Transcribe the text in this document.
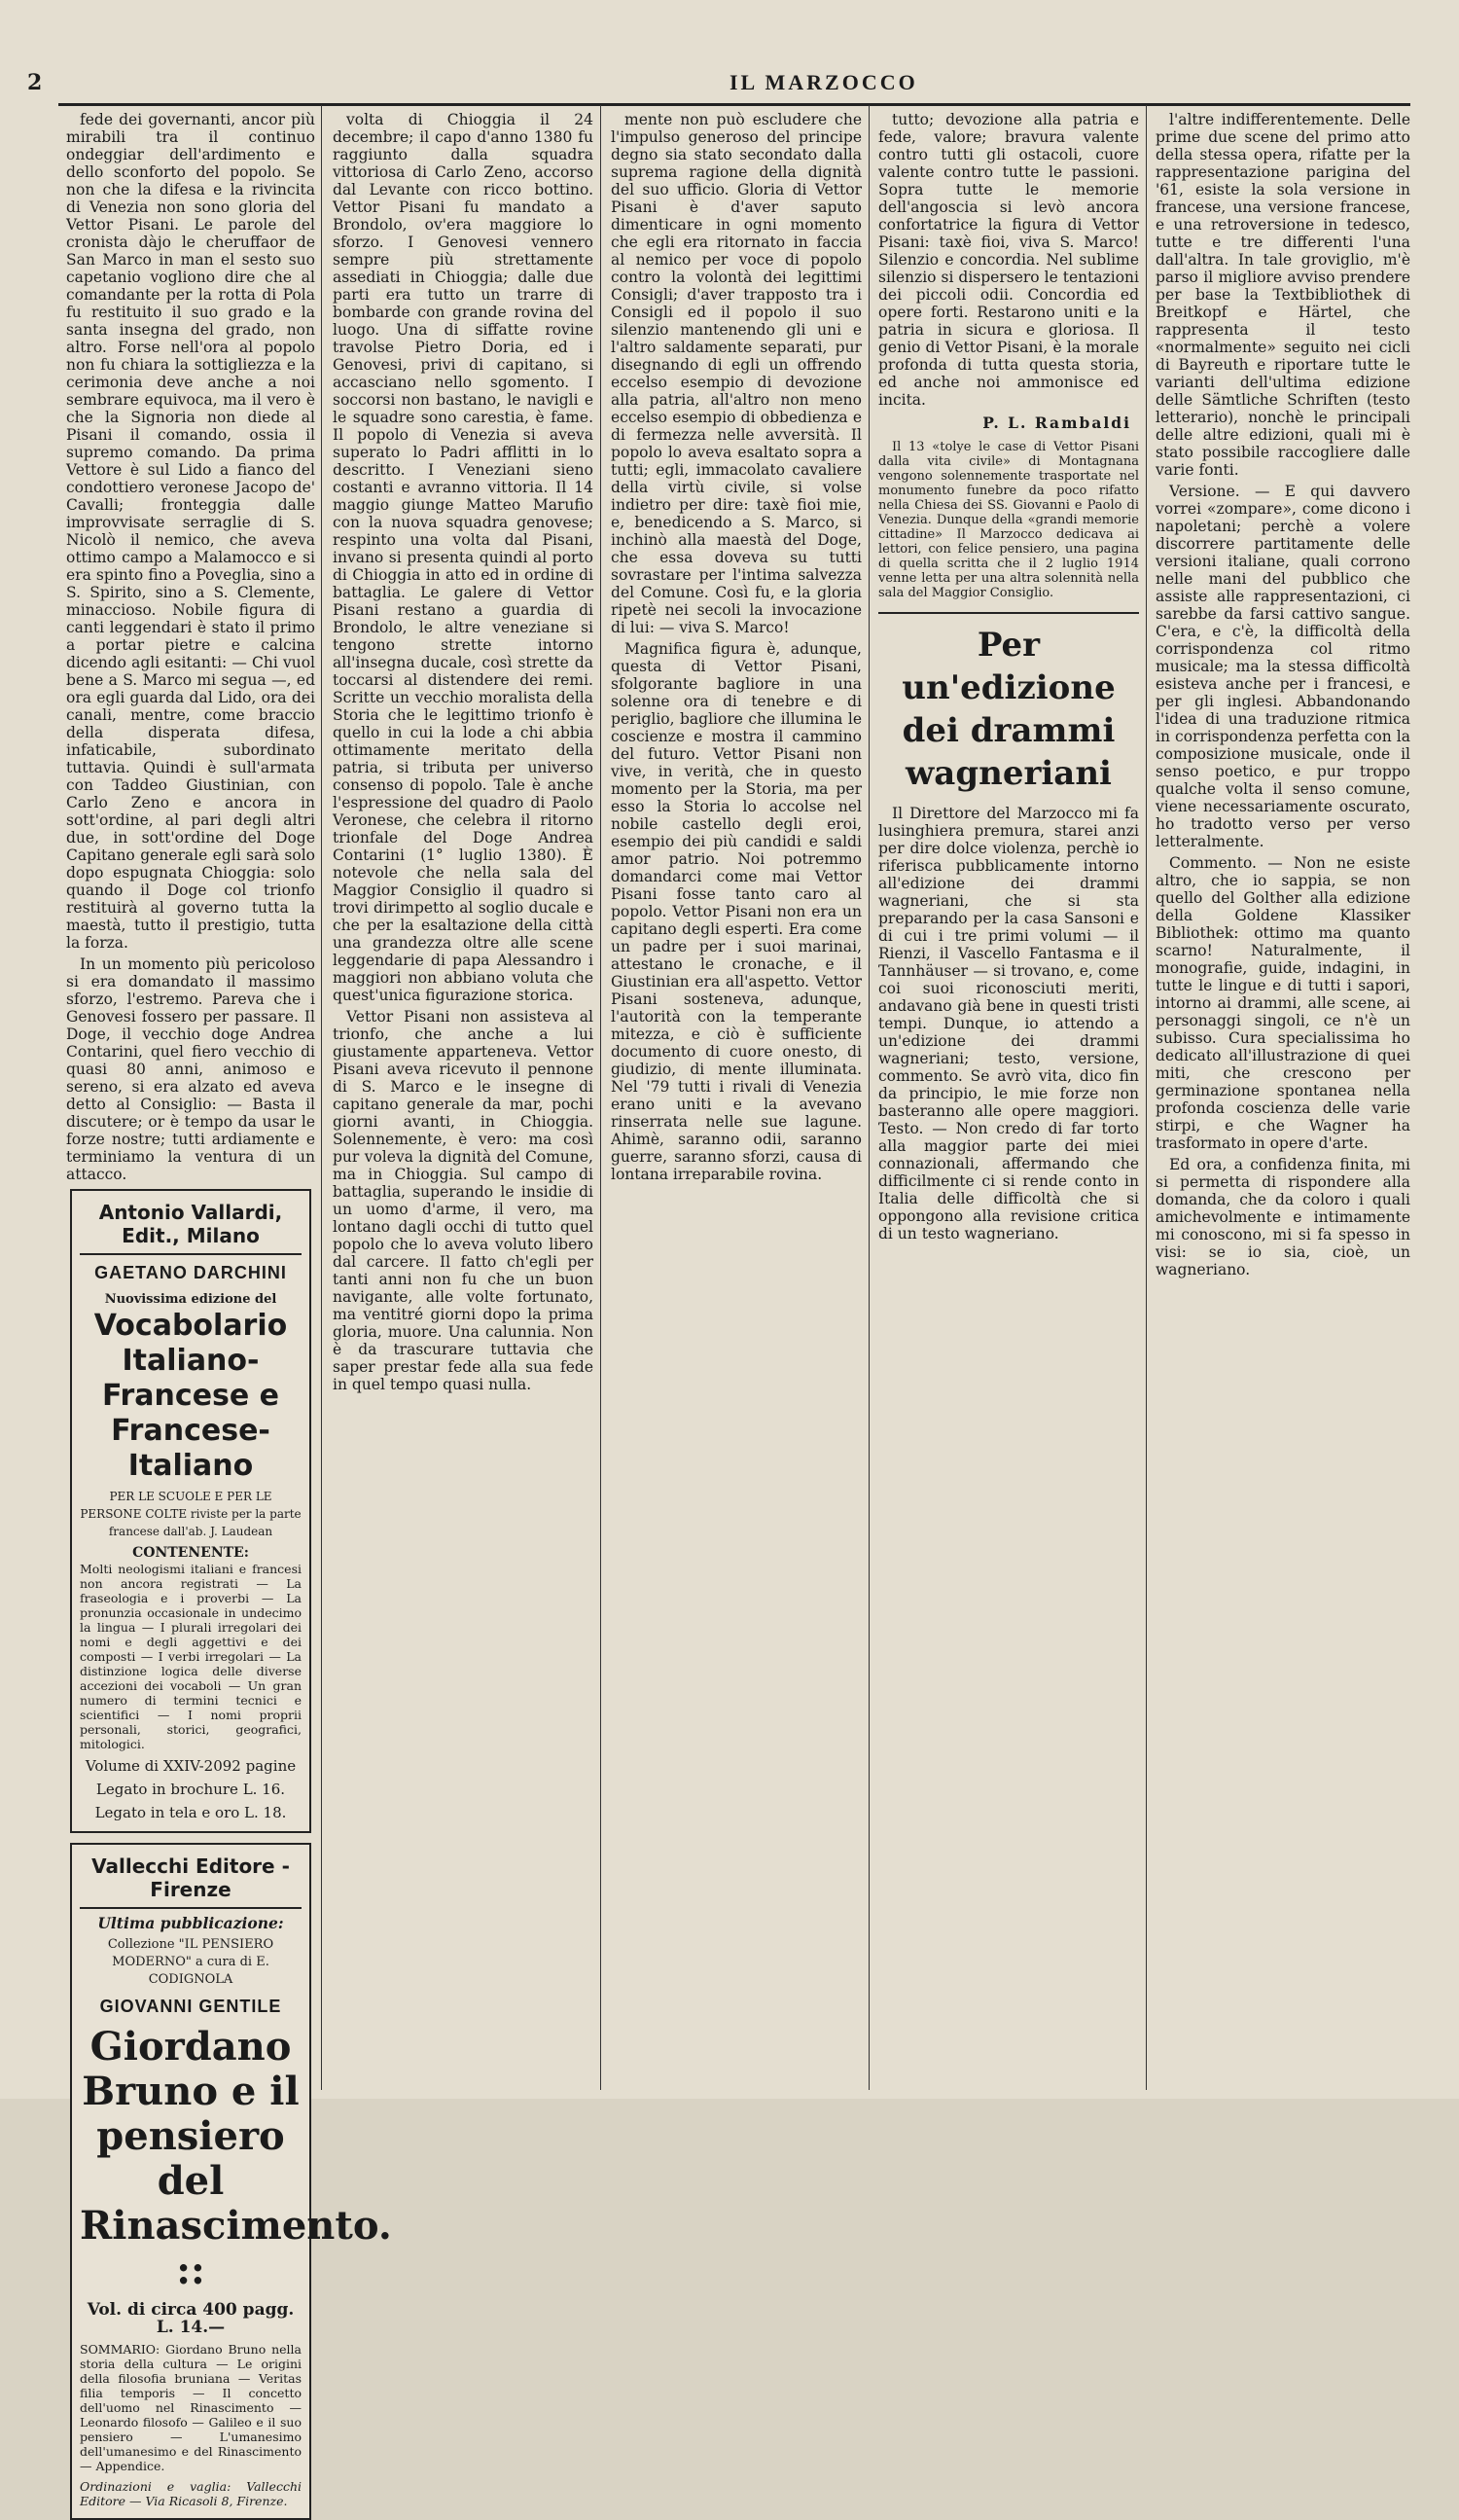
IL MARZOCCO
2

fede dei governanti, ancor più mirabili tra il continuo ondeggiar dell'ardimento e dello sconforto del popolo. Se non che la difesa e la rivincita di Venezia non sono gloria del Vettor Pisani. Le parole del cronista dàjo le cheruffaor de San Marco in man el sesto suo capetanio vogliono dire che al comandante per la rotta di Pola fu restituito il suo grado e la santa insegna del grado, non altro. Forse nell'ora al popolo non fu chiara la sottigliezza e la cerimonia deve anche a noi sembrare equivoca, ma il vero è che la Signoria non diede al Pisani il comando, ossia il supremo comando. Da prima Vettore è sul Lido a fianco del condottiero veronese Jacopo de' Cavalli; fronteggia dalle improvvisate serraglie di S. Nicolò il nemico, che aveva ottimo campo a Malamocco e si era spinto fino a Poveglia, sino a S. Spirito, sino a S. Clemente, minaccioso. Nobile figura di canti leggendari è stato il primo a portar pietre e calcina dicendo agli esitanti: — Chi vuol bene a S. Marco mi segua —, ed ora egli guarda dal Lido, ora dei canali, mentre, come braccio della disperata difesa, infaticabile, subordinato tuttavia. Quindi è sull'armata con Taddeo Giustinian, con Carlo Zeno e ancora in sott'ordine, al pari degli altri due, in sott'ordine del Doge Capitano generale egli sarà solo dopo espugnata Chioggia: solo quando il Doge col trionfo restituirà al governo tutta la maestà, tutto il prestigio, tutta la forza.

In un momento più pericoloso si era domandato il massimo sforzo, l'estremo. Pareva che i Genovesi fossero per passare. Il Doge, il vecchio doge Andrea Contarini, quel fiero vecchio di quasi 80 anni, animoso e sereno, si era alzato ed aveva detto al Consiglio: — Basta il discutere; or è tempo da usar le forze nostre; tutti ardiamente e terminiamo la ventura di un attacco.

Antonio Vallardi, Edit., Milano
GAETANO DARCHINI
Nuovissima edizione del
Vocabolario Italiano-Francese e Francese-Italiano
PER LE SCUOLE E PER LE PERSONE COLTE riviste per la parte francese dall'ab. J. Laudean
CONTENENTE:
Molti neologismi italiani e francesi non ancora registrati — La fraseologia e i proverbi — La pronunzia occasionale in undecimo la lingua — I plurali irregolari dei nomi e degli aggettivi e dei composti — I verbi irregolari — La distinzione logica delle diverse accezioni dei vocaboli — Un gran numero di termini tecnici e scientifici — I nomi proprii personali, storici, geografici, mitologici.
Volume di XXIV-2092 pagine
Legato in brochure L. 16.
Legato in tela e oro L. 18.
Vallecchi Editore - Firenze
Ultima pubblicazione:
Collezione "IL PENSIERO MODERNO" a cura di E. CODIGNOLA
GIOVANNI GENTILE
Giordano Bruno e il pensiero del Rinascimento. ::
Vol. di circa 400 pagg. L. 14.—
SOMMARIO: Giordano Bruno nella storia della cultura — Le origini della filosofia bruniana — Veritas filia temporis — Il concetto dell'uomo nel Rinascimento — Leonardo filosofo — Galileo e il suo pensiero — L'umanesimo dell'umanesimo e del Rinascimento — Appendice.
Ordinazioni e vaglia: Vallecchi Editore — Via Ricasoli 8, Firenze.

volta di Chioggia il 24 decembre; il capo d'anno 1380 fu raggiunto dalla squadra vittoriosa di Carlo Zeno, accorso dal Levante con ricco bottino. Vettor Pisani fu mandato a Brondolo, ov'era maggiore lo sforzo. I Genovesi vennero sempre più strettamente assediati in Chioggia; dalle due parti era tutto un trarre di bombarde con grande rovina del luogo. Una di siffatte rovine travolse Pietro Doria, ed i Genovesi, privi di capitano, si accasciano nello sgomento. I soccorsi non bastano, le navigli e le squadre sono carestia, è fame. Il popolo di Venezia si aveva superato lo Padri afflitti in lo descritto. I Veneziani sieno costanti e avranno vittoria. Il 14 maggio giunge Matteo Marufio con la nuova squadra genovese; respinto una volta dal Pisani, invano si presenta quindi al porto di Chioggia in atto ed in ordine di battaglia. Le galere di Vettor Pisani restano a guardia di Brondolo, le altre veneziane si tengono strette intorno all'insegna ducale, così strette da toccarsi al distendere dei remi. Scritte un vecchio moralista della Storia che le legittimo trionfo è quello in cui la lode a chi abbia ottimamente meritato della patria, si tributa per universo consenso di popolo. Tale è anche l'espressione del quadro di Paolo Veronese, che celebra il ritorno trionfale del Doge Andrea Contarini (1° luglio 1380). È notevole che nella sala del Maggior Consiglio il quadro si trovi dirimpetto al soglio ducale e che per la esaltazione della città una grandezza oltre alle scene leggendarie di papa Alessandro i maggiori non abbiano voluta che quest'unica figurazione storica.

Vettor Pisani non assisteva al trionfo, che anche a lui giustamente apparteneva. Vettor Pisani aveva ricevuto il pennone di S. Marco e le insegne di capitano generale da mar, pochi giorni avanti, in Chioggia. Solennemente, è vero: ma così pur voleva la dignità del Comune, ma in Chioggia. Sul campo di battaglia, superando le insidie di un uomo d'arme, il vero, ma lontano dagli occhi di tutto quel popolo che lo aveva voluto libero dal carcere. Il fatto ch'egli per tanti anni non fu che un buon navigante, alle volte fortunato, ma ventitré giorni dopo la prima gloria, muore. Una calunnia. Non è da trascurare tuttavia che saper prestar fede alla sua fede in quel tempo quasi nulla.

mente non può escludere che l'impulso generoso del principe degno sia stato secondato dalla suprema ragione della dignità del suo ufficio. Gloria di Vettor Pisani è d'aver saputo dimenticare in ogni momento che egli era ritornato in faccia al nemico per voce di popolo contro la volontà dei legittimi Consigli; d'aver trapposto tra i Consigli ed il popolo il suo silenzio mantenendo gli uni e l'altro saldamente separati, pur disegnando di egli un offrendo eccelso esempio di devozione alla patria, all'altro non meno eccelso esempio di obbedienza e di fermezza nelle avversità. Il popolo lo aveva esaltato sopra a tutti; egli, immacolato cavaliere della virtù civile, si volse indietro per dire: taxè fioi mie, e, benedicendo a S. Marco, si inchinò alla maestà del Doge, che essa doveva su tutti sovrastare per l'intima salvezza del Comune. Così fu, e la gloria ripetè nei secoli la invocazione di lui: — viva S. Marco!

Magnifica figura è, adunque, questa di Vettor Pisani, sfolgorante bagliore in una solenne ora di tenebre e di periglio, bagliore che illumina le coscienze e mostra il cammino del futuro. Vettor Pisani non vive, in verità, che in questo momento per la Storia, ma per esso la Storia lo accolse nel nobile castello degli eroi, esempio dei più candidi e saldi amor patrio. Noi potremmo domandarci come mai Vettor Pisani fosse tanto caro al popolo. Vettor Pisani non era un capitano degli esperti. Era come un padre per i suoi marinai, attestano le cronache, e il Giustinian era all'aspetto. Vettor Pisani sosteneva, adunque, l'autorità con la temperante mitezza, e ciò è sufficiente documento di cuore onesto, di giudizio, di mente illuminata. Nel '79 tutti i rivali di Venezia erano uniti e la avevano rinserrata nelle sue lagune. Ahimè, saranno odii, saranno guerre, saranno sforzi, causa di lontana irreparabile rovina.

tutto; devozione alla patria e fede, valore; bravura valente contro tutti gli ostacoli, cuore valente contro tutte le passioni. Sopra tutte le memorie dell'angoscia si levò ancora confortatrice la figura di Vettor Pisani: taxè fioi, viva S. Marco! Silenzio e concordia. Nel sublime silenzio si dispersero le tentazioni dei piccoli odii. Concordia ed opere forti. Restarono uniti e la patria in sicura e gloriosa. Il genio di Vettor Pisani, è la morale profonda di tutta questa storia, ed anche noi ammonisce ed incita.

P. L. Rambaldi

Il 13 «tolye le case di Vettor Pisani dalla vita civile» di Montagnana vengono solennemente trasportate nel monumento funebre da poco rifatto nella Chiesa dei SS. Giovanni e Paolo di Venezia. Dunque della «grandi memorie cittadine» Il Marzocco dedicava ai lettori, con felice pensiero, una pagina di quella scritta che il 2 luglio 1914 venne letta per una altra solennità nella sala del Maggior Consiglio.

Per un'edizione dei drammi wagneriani

Il Direttore del Marzocco mi fa lusinghiera premura, starei anzi per dire dolce violenza, perchè io riferisca pubblicamente intorno all'edizione dei drammi wagneriani, che si sta preparando per la casa Sansoni e di cui i tre primi volumi — il Rienzi, il Vascello Fantasma e il Tannhäuser — si trovano, e, come coi suoi riconosciuti meriti, andavano già bene in questi tristi tempi. Dunque, io attendo a un'edizione dei drammi wagneriani; testo, versione, commento. Se avrò vita, dico fin da principio, le mie forze non basteranno alle opere maggiori. Testo. — Non credo di far torto alla maggior parte dei miei connazionali, affermando che difficilmente ci si rende conto in Italia delle difficoltà che si oppongono alla revisione critica di un testo wagneriano.

l'altre indifferentemente. Delle prime due scene del primo atto della stessa opera, rifatte per la rappresentazione parigina del '61, esiste la sola versione in francese, una versione francese, e una retroversione in tedesco, tutte e tre differenti l'una dall'altra. In tale groviglio, m'è parso il migliore avviso prendere per base la Textbibliothek di Breitkopf e Härtel, che rappresenta il testo «normalmente» seguito nei cicli di Bayreuth e riportare tutte le varianti dell'ultima edizione delle Sämtliche Schriften (testo letterario), nonchè le principali delle altre edizioni, quali mi è stato possibile raccogliere dalle varie fonti.

Versione. — E qui davvero vorrei «zompare», come dicono i napoletani; perchè a volere discorrere partitamente delle versioni italiane, quali corrono nelle mani del pubblico che assiste alle rappresentazioni, ci sarebbe da farsi cattivo sangue. C'era, e c'è, la difficoltà della corrispondenza col ritmo musicale; ma la stessa difficoltà esisteva anche per i francesi, e per gli inglesi. Abbandonando l'idea di una traduzione ritmica in corrispondenza perfetta con la composizione musicale, onde il senso poetico, e pur troppo qualche volta il senso comune, viene necessariamente oscurato, ho tradotto verso per verso letteralmente.

Commento. — Non ne esiste altro, che io sappia, se non quello del Golther alla edizione della Goldene Klassiker Bibliothek: ottimo ma quanto scarno! Naturalmente, il monografie, guide, indagini, in tutte le lingue e di tutti i sapori, intorno ai drammi, alle scene, ai personaggi singoli, ce n'è un subisso. Cura specialissima ho dedicato all'illustrazione di quei miti, che crescono per germinazione spontanea nella profonda coscienza delle varie stirpi, e che Wagner ha trasformato in opere d'arte.

Ed ora, a confidenza finita, mi si permetta di rispondere alla domanda, che da coloro i quali amichevolmente e intimamente mi conoscono, mi si fa spesso in visi: se io sia, cioè, un wagneriano.
